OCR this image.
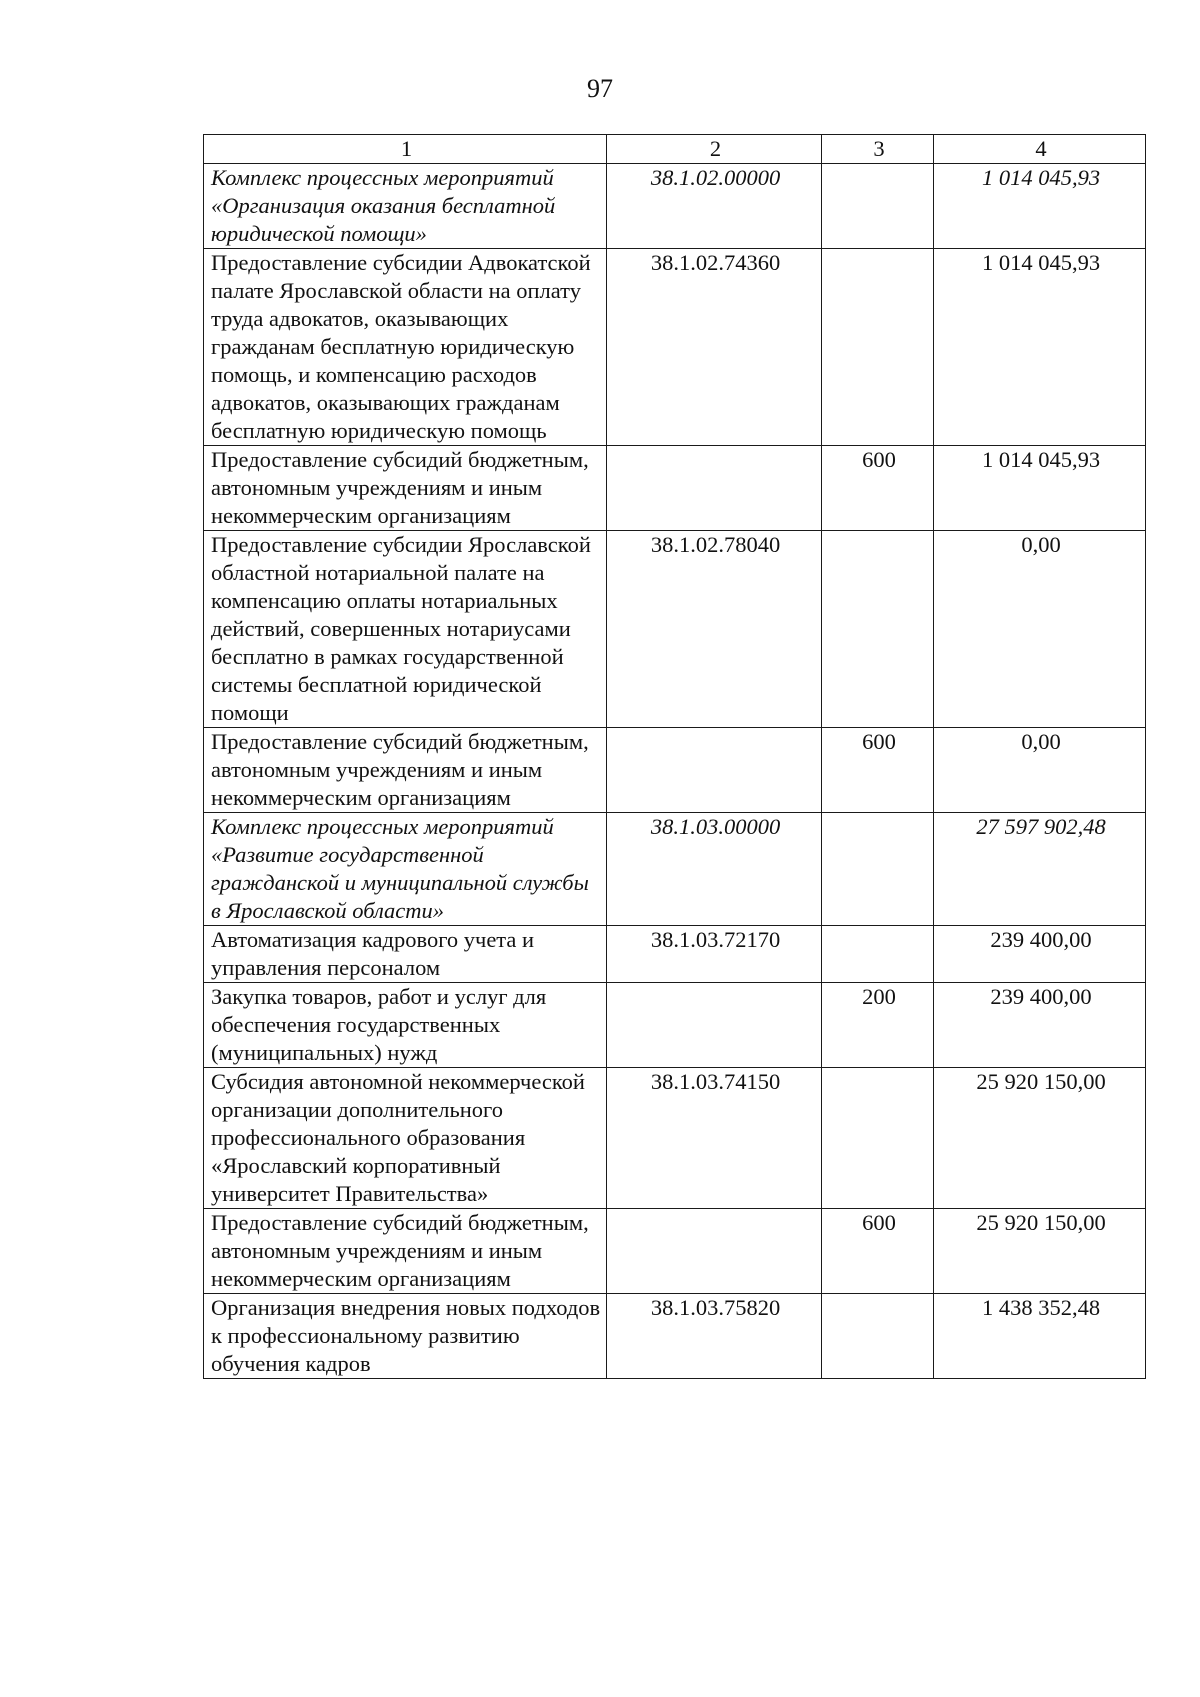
97
1	2	3	4
Комплекс процессных мероприятий «Организация оказания бесплатной юридической помощи»	38.1.02.00000		1 014 045,93
Предоставление субсидии Адвокатской палате Ярославской области на оплату труда адвокатов, оказывающих гражданам бесплатную юридическую помощь, и компенсацию расходов адвокатов, оказывающих гражданам бесплатную юридическую помощь	38.1.02.74360		1 014 045,93
Предоставление субсидий бюджетным, автономным учреждениям и иным некоммерческим организациям		600	1 014 045,93
Предоставление субсидии Ярославской областной нотариальной палате на компенсацию оплаты нотариальных действий, совершенных нотариусами бесплатно в рамках государственной системы бесплатной юридической помощи	38.1.02.78040		0,00
Предоставление субсидий бюджетным, автономным учреждениям и иным некоммерческим организациям		600	0,00
Комплекс процессных мероприятий «Развитие государственной гражданской и муниципальной службы в Ярославской области»	38.1.03.00000		27 597 902,48
Автоматизация кадрового учета и управления персоналом	38.1.03.72170		239 400,00
Закупка товаров, работ и услуг для обеспечения государственных (муниципальных) нужд		200	239 400,00
Субсидия автономной некоммерческой организации дополнительного профессионального образования «Ярославский корпоративный университет Правительства»	38.1.03.74150		25 920 150,00
Предоставление субсидий бюджетным, автономным учреждениям и иным некоммерческим организациям		600	25 920 150,00
Организация внедрения новых подходов к профессиональному развитию обучения кадров	38.1.03.75820		1 438 352,48
